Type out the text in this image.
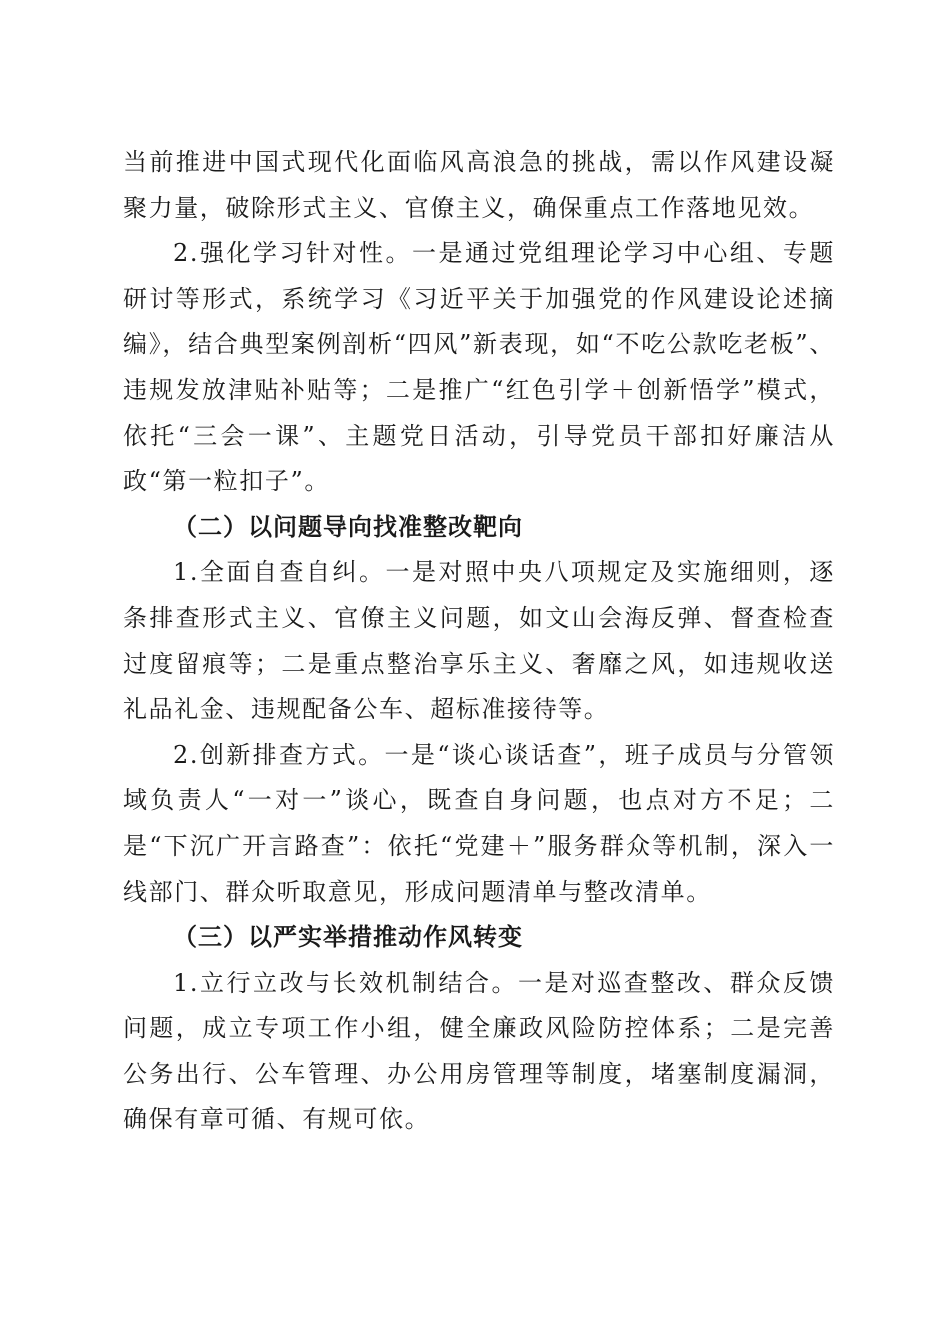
当前推进中国式现代化面临风高浪急的挑战，需以作风建设凝聚力量，破除形式主义、官僚主义，确保重点工作落地见效。

2.强化学习针对性。一是通过党组理论学习中心组、专题研讨等形式，系统学习《习近平关于加强党的作风建设论述摘编》，结合典型案例剖析“四风”新表现，如“不吃公款吃老板”、违规发放津贴补贴等；二是推广“红色引学＋创新悟学”模式，依托“三会一课”、主题党日活动，引导党员干部扣好廉洁从政“第一粒扣子”。

（二）以问题导向找准整改靶向

1.全面自查自纠。一是对照中央八项规定及实施细则，逐条排查形式主义、官僚主义问题，如文山会海反弹、督查检查过度留痕等；二是重点整治享乐主义、奢靡之风，如违规收送礼品礼金、违规配备公车、超标准接待等。

2.创新排查方式。一是“谈心谈话查”，班子成员与分管领域负责人“一对一”谈心，既查自身问题，也点对方不足；二是“下沉广开言路查”：依托“党建＋”服务群众等机制，深入一线部门、群众听取意见，形成问题清单与整改清单。

（三）以严实举措推动作风转变

1.立行立改与长效机制结合。一是对巡查整改、群众反馈问题，成立专项工作小组，健全廉政风险防控体系；二是完善公务出行、公车管理、办公用房管理等制度，堵塞制度漏洞，确保有章可循、有规可依。
